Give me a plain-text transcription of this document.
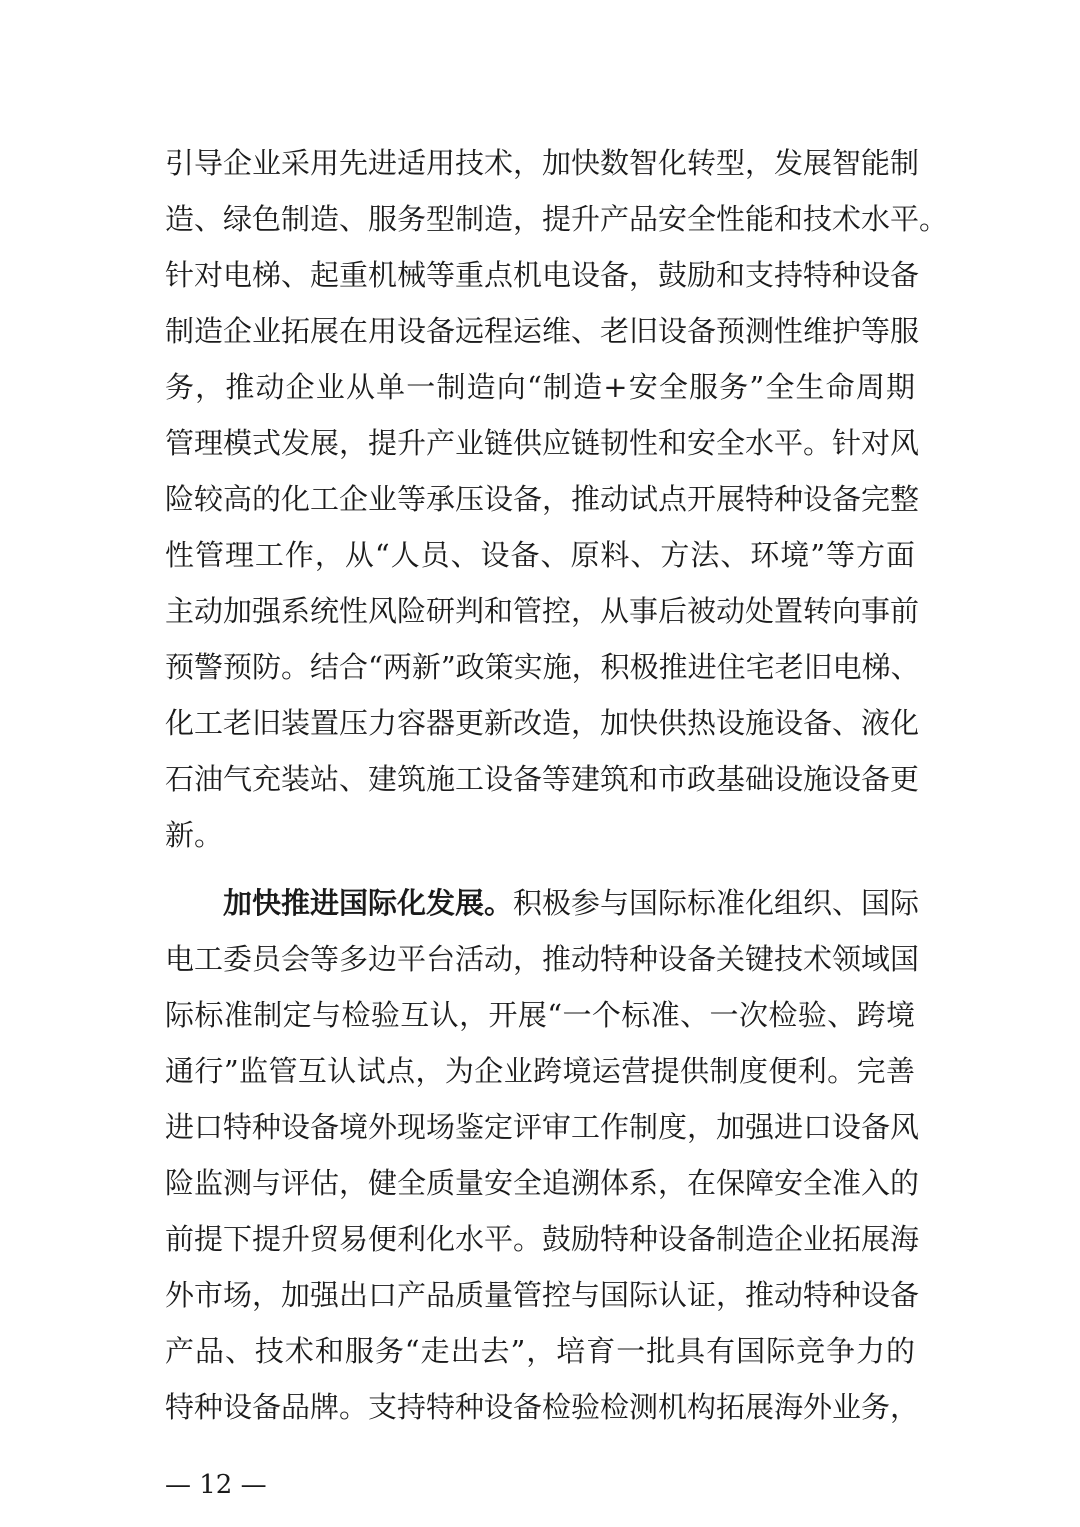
引导企业采用先进适用技术，加快数智化转型，发展智能制
造、绿色制造、服务型制造，提升产品安全性能和技术水平。
针对电梯、起重机械等重点机电设备，鼓励和支持特种设备
制造企业拓展在用设备远程运维、老旧设备预测性维护等服
务，推动企业从单一制造向“制造+安全服务”全生命周期
管理模式发展，提升产业链供应链韧性和安全水平。针对风
险较高的化工企业等承压设备，推动试点开展特种设备完整
性管理工作，从“人员、设备、原料、方法、环境”等方面
主动加强系统性风险研判和管控，从事后被动处置转向事前
预警预防。结合“两新”政策实施，积极推进住宅老旧电梯、
化工老旧装置压力容器更新改造，加快供热设施设备、液化
石油气充装站、建筑施工设备等建筑和市政基础设施设备更
新。
加快推进国际化发展。积极参与国际标准化组织、国际
电工委员会等多边平台活动，推动特种设备关键技术领域国
际标准制定与检验互认，开展“一个标准、一次检验、跨境
通行”监管互认试点，为企业跨境运营提供制度便利。完善
进口特种设备境外现场鉴定评审工作制度，加强进口设备风
险监测与评估，健全质量安全追溯体系，在保障安全准入的
前提下提升贸易便利化水平。鼓励特种设备制造企业拓展海
外市场，加强出口产品质量管控与国际认证，推动特种设备
产品、技术和服务“走出去”，培育一批具有国际竞争力的
特种设备品牌。支持特种设备检验检测机构拓展海外业务，
— 12 —
